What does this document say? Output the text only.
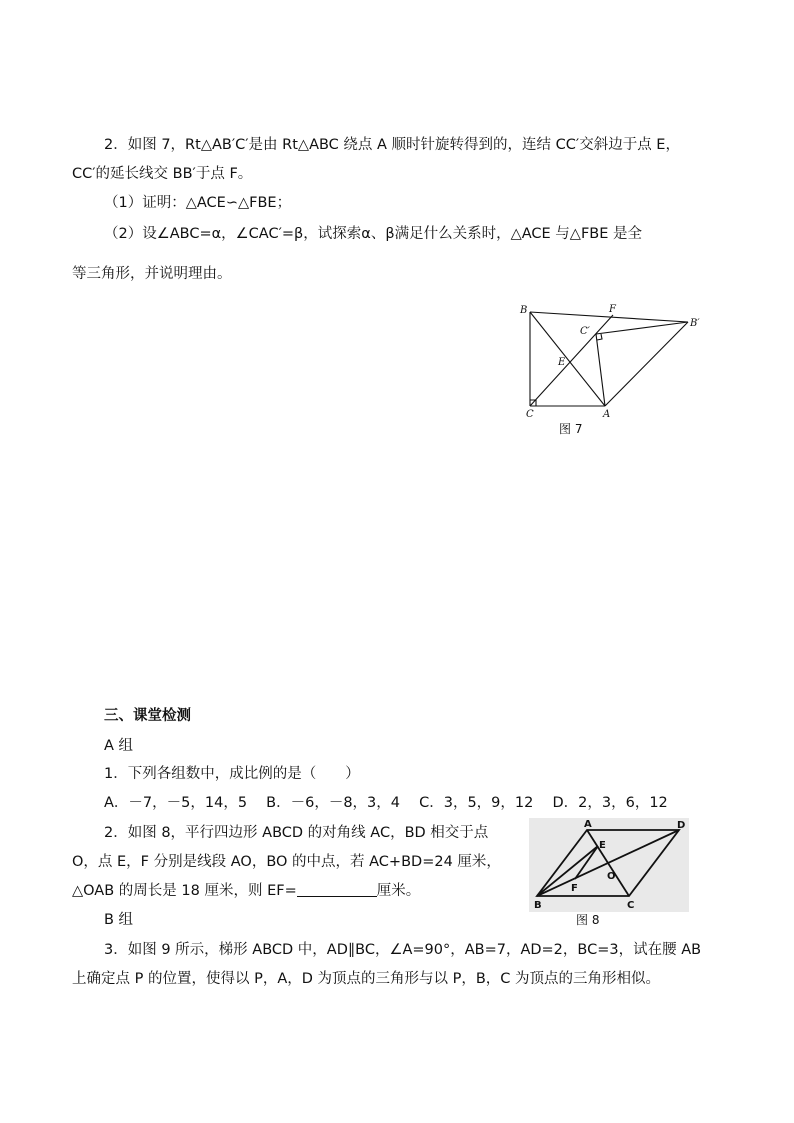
2．如图 7，Rt△AB′C′是由 Rt△ABC 绕点 A 顺时针旋转得到的，连结 CC′交斜边于点 E，
CC′的延长线交 BB′于点 F。
（1）证明：△ACE∽△FBE；
（2）设∠ABC=α，∠CAC′=β，试探索α、β满足什么关系时，△ACE 与△FBE 是全
等三角形，并说明理由。
B	F
B′
C′
E
C	A
图 7
三、课堂检测
A 组
1．下列各组数中，成比例的是（　　）
A．－7，－5，14，5　 B．－6，－8，3，4　 C．3，5，9，12　 D．2，3，6，12
2．如图 8，平行四边形 ABCD 的对角线 AC，BD 相交于点
O，点 E，F 分别是线段 AO，BO 的中点，若 AC+BD=24 厘米，
△OAB 的周长是 18 厘米，则 EF=	厘米。
B 组
3．如图 9 所示，梯形 ABCD 中，AD∥BC，∠A=90°，AB=7，AD=2，BC=3，试在腰 AB
上确定点 P 的位置，使得以 P，A，D 为顶点的三角形与以 P，B，C 为顶点的三角形相似。
A	D
E
O
F
B	C
图 8
